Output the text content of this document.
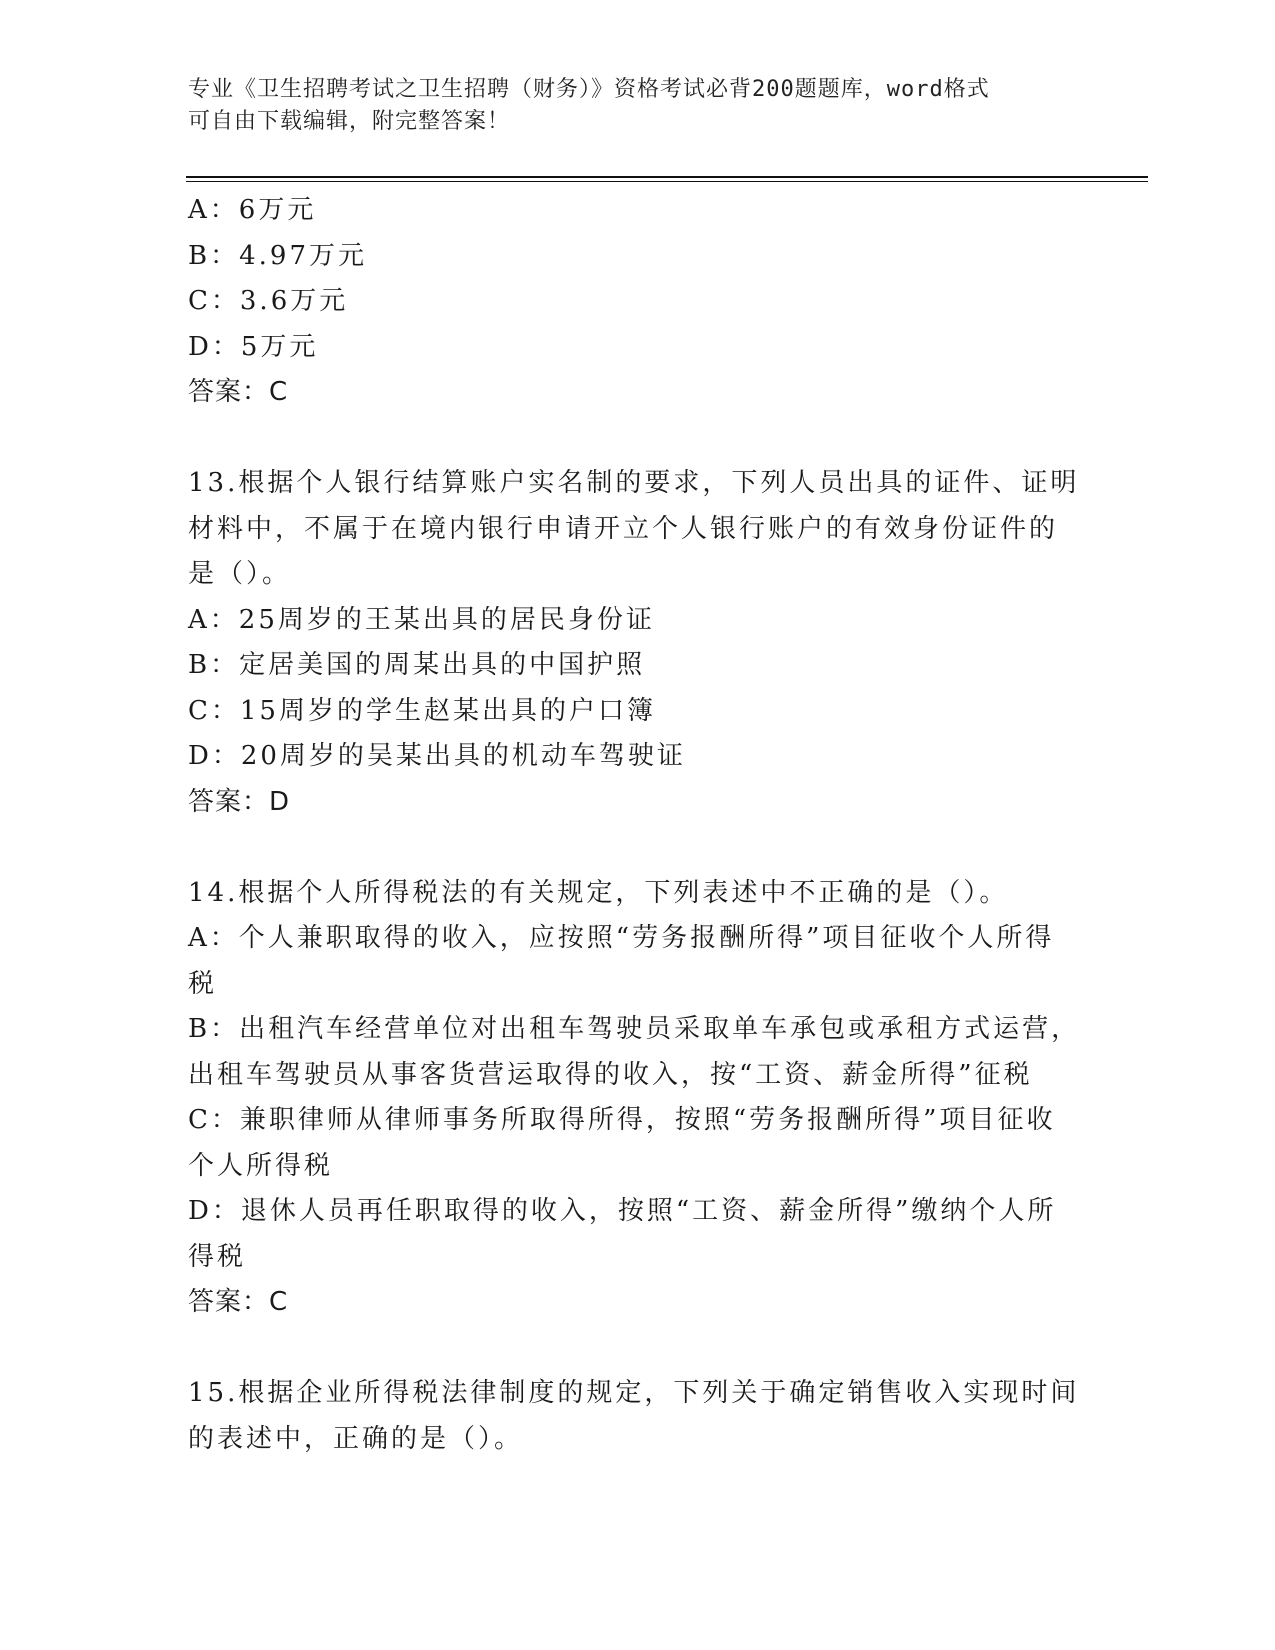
专业《卫生招聘考试之卫生招聘（财务）》资格考试必背200题题库，word格式
可自由下载编辑，附完整答案！
A：6万元
B：4.97万元
C：3.6万元
D：5万元
答案：C
13.根据个人银行结算账户实名制的要求，下列人员出具的证件、证明
材料中，不属于在境内银行申请开立个人银行账户的有效身份证件的
是（）。
A：25周岁的王某出具的居民身份证
B：定居美国的周某出具的中国护照
C：15周岁的学生赵某出具的户口簿
D：20周岁的吴某出具的机动车驾驶证
答案：D
14.根据个人所得税法的有关规定，下列表述中不正确的是（）。
A：个人兼职取得的收入，应按照“劳务报酬所得”项目征收个人所得
税
B：出租汽车经营单位对出租车驾驶员采取单车承包或承租方式运营，
出租车驾驶员从事客货营运取得的收入，按“工资、薪金所得”征税
C：兼职律师从律师事务所取得所得，按照“劳务报酬所得”项目征收
个人所得税
D：退休人员再任职取得的收入，按照“工资、薪金所得”缴纳个人所
得税
答案：C
15.根据企业所得税法律制度的规定，下列关于确定销售收入实现时间
的表述中，正确的是（）。
